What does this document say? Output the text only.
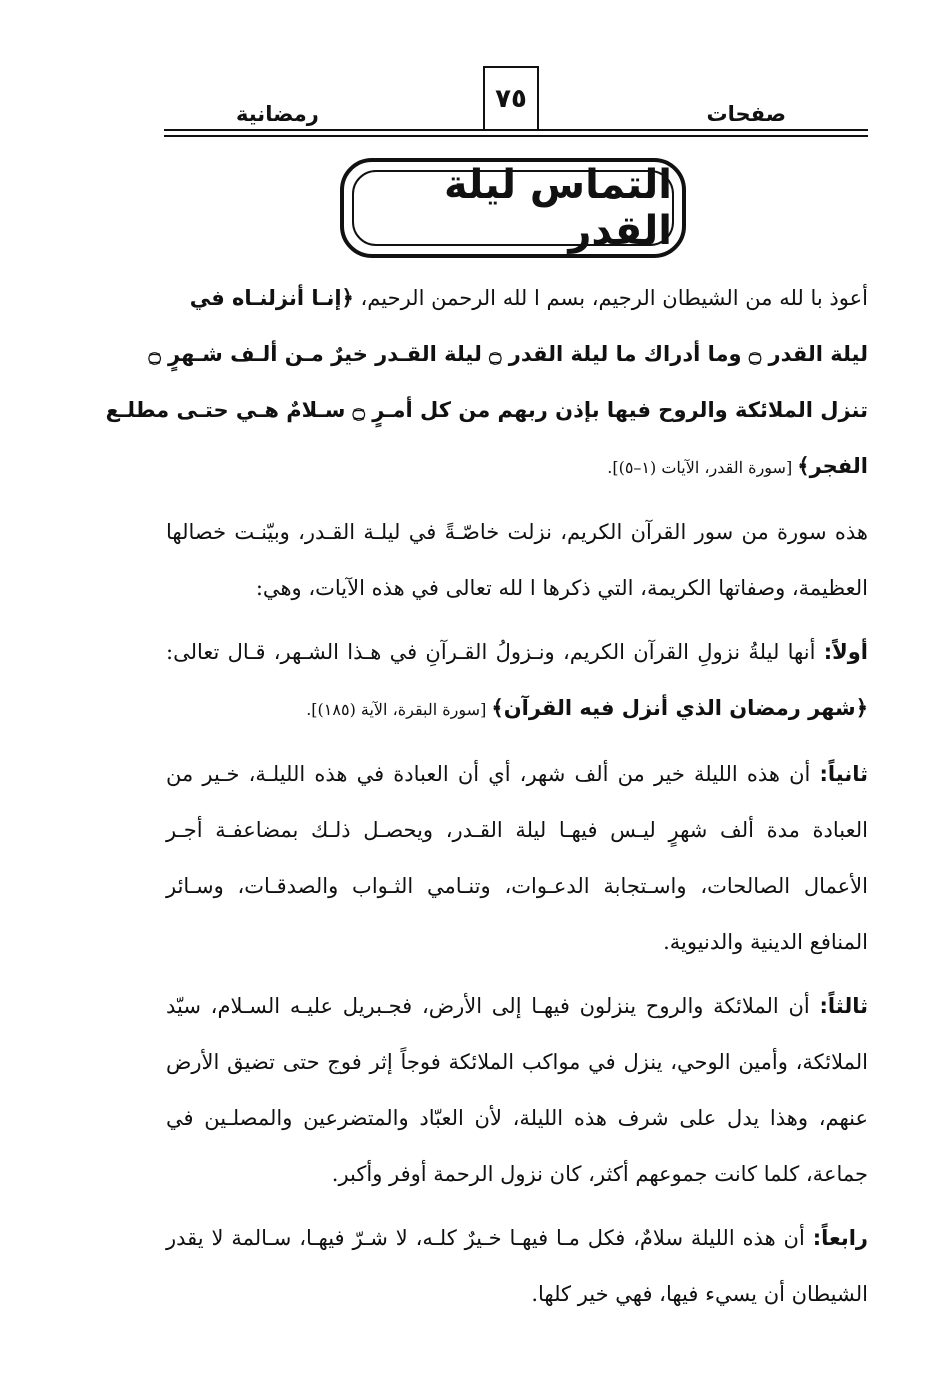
صفحات
٧٥
رمضانية
التماس ليلة القدر
أعوذ با لله من الشيطان الرجيم، بسم ا لله الرحمن الرحيم، ﴿إنـا أنزلنـاه في
ليلة القدر ۝ وما أدراك ما ليلة القدر ۝ ليلة القـدر خيرٌ مـن ألـف شـهرٍ ۝
تنزل الملائكة والروح فيها بإذن ربهم من كل أمـرٍ ۝ سـلامٌ هـي حتـى مطلـع
الفجر﴾ [سورة القدر، الآيات (١–٥)].

هذه سورة من سور القرآن الكريم، نزلت خاصّـةً في ليلـة القـدر، وبيّنـت خصالها العظيمة، وصفاتها الكريمة، التي ذكرها ا لله تعالى في هذه الآيات، وهي:

أولاً: أنها ليلةُ نزولِ القرآن الكريم، ونـزولُ القـرآنِ في هـذا الشـهر، قـال تعالى: ﴿شهر رمضان الذي أنزل فيه القرآن﴾ [سورة البقرة، الآية (١٨٥)].

ثانياً: أن هذه الليلة خير من ألف شهر، أي أن العبادة في هذه الليلـة، خـير من العبادة مدة ألف شهرٍ ليـس فيهـا ليلة القـدر، ويحصـل ذلـك بمضاعفـة أجـر الأعمال الصالحات، واسـتجابة الدعـوات، وتنـامي الثـواب والصدقـات، وسـائر المنافع الدينية والدنيوية.

ثالثاً: أن الملائكة والروح ينزلون فيهـا إلى الأرض، فجـبريل عليـه السـلام، سيّد الملائكة، وأمين الوحي، ينزل في مواكب الملائكة فوجاً إثر فوج حتى تضيق الأرض عنهم، وهذا يدل على شرف هذه الليلة، لأن العبّاد والمتضرعين والمصلـين في جماعة، كلما كانت جموعهم أكثر، كان نزول الرحمة أوفر وأكبر.

رابعاً: أن هذه الليلة سلامٌ، فكل مـا فيهـا خـيرٌ كلـه، لا شـرّ فيهـا، سـالمة لا يقدر الشيطان أن يسيء فيها، فهي خير كلها.
